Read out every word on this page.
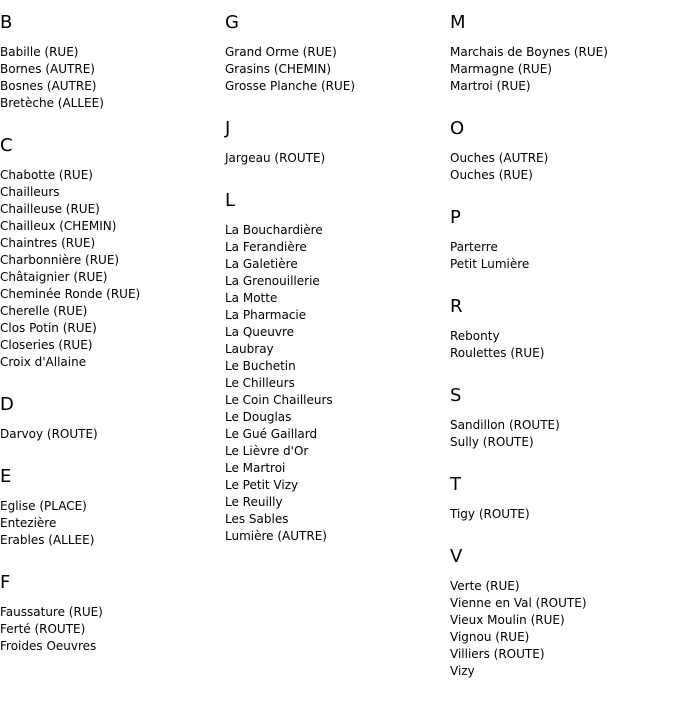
B
Babille (RUE)
Bornes (AUTRE)
Bosnes (AUTRE)
Bretèche (ALLEE)
C
Chabotte (RUE)
Chailleurs
Chailleuse (RUE)
Chailleux (CHEMIN)
Chaintres (RUE)
Charbonnière (RUE)
Châtaignier (RUE)
Cheminée Ronde (RUE)
Cherelle (RUE)
Clos Potin (RUE)
Closeries (RUE)
Croix d'Allaine
D
Darvoy (ROUTE)
E
Eglise (PLACE)
Entezière
Erables (ALLEE)
F
Faussature (RUE)
Ferté (ROUTE)
Froides Oeuvres
G
Grand Orme (RUE)
Grasins (CHEMIN)
Grosse Planche (RUE)
J
Jargeau (ROUTE)
L
La Bouchardière
La Ferandière
La Galetière
La Grenouillerie
La Motte
La Pharmacie
La Queuvre
Laubray
Le Buchetin
Le Chilleurs
Le Coin Chailleurs
Le Douglas
Le Gué Gaillard
Le Lièvre d'Or
Le Martroi
Le Petit Vizy
Le Reuilly
Les Sables
Lumière (AUTRE)
M
Marchais de Boynes (RUE)
Marmagne (RUE)
Martroi (RUE)
O
Ouches (AUTRE)
Ouches (RUE)
P
Parterre
Petit Lumière
R
Rebonty
Roulettes (RUE)
S
Sandillon (ROUTE)
Sully (ROUTE)
T
Tigy (ROUTE)
V
Verte (RUE)
Vienne en Val (ROUTE)
Vieux Moulin (RUE)
Vignou (RUE)
Villiers (ROUTE)
Vizy
